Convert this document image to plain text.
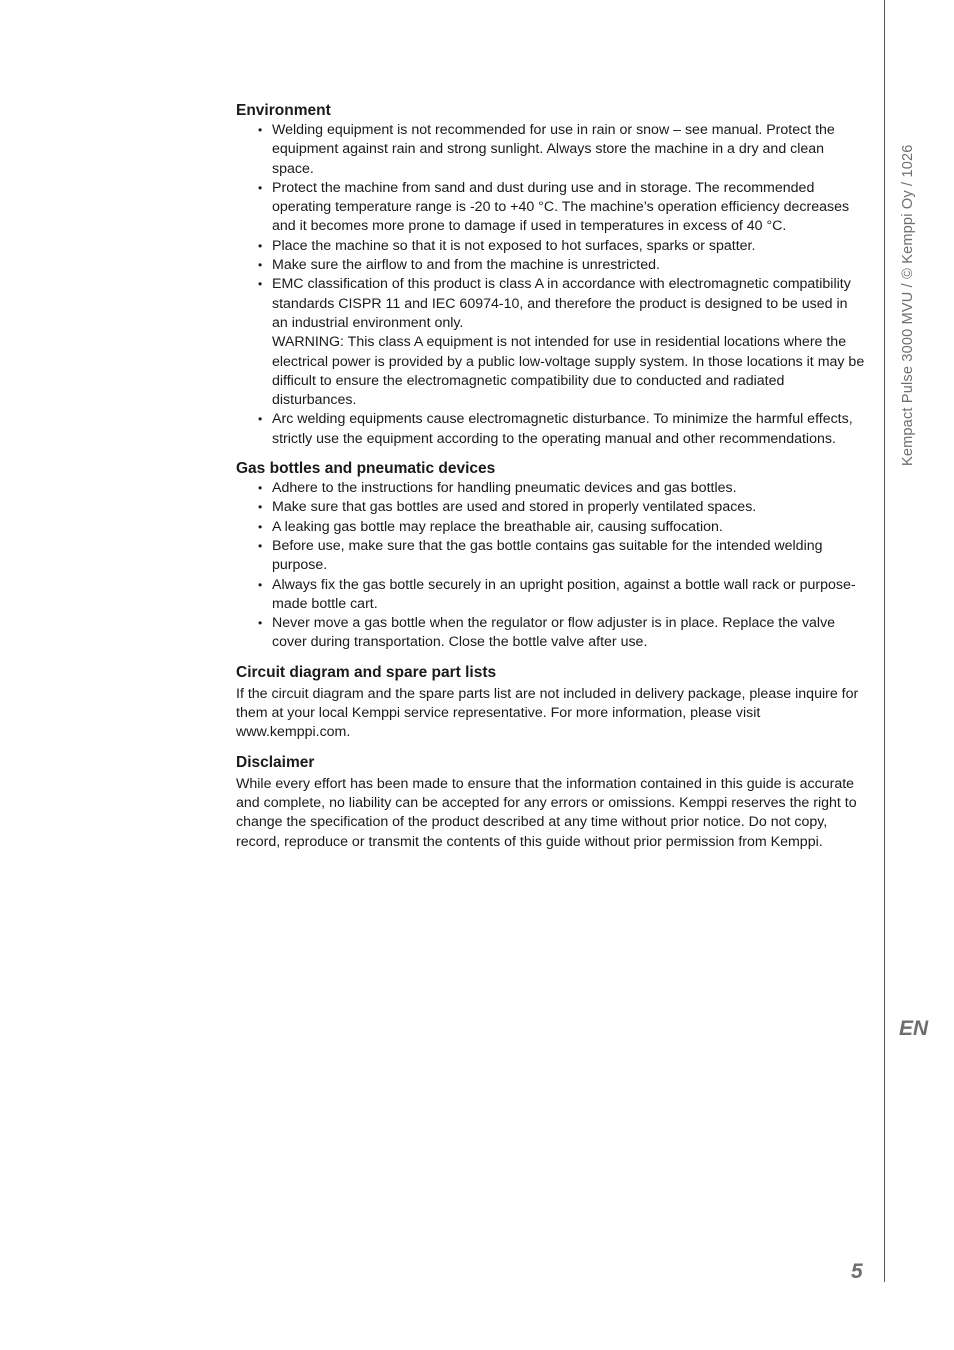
Environment
• Welding equipment is not recommended for use in rain or snow – see manual. Protect the equipment against rain and strong sunlight. Always store the machine in a dry and clean space.
• Protect the machine from sand and dust during use and in storage. The recommended operating temperature range is -20 to +40 °C. The machine’s operation efficiency decreases and it becomes more prone to damage if used in temperatures in excess of 40 °C.
• Place the machine so that it is not exposed to hot surfaces, sparks or spatter.
• Make sure the airflow to and from the machine is unrestricted.
• EMC classification of this product is class A in accordance with electromagnetic compatibility standards CISPR 11 and IEC 60974-10, and therefore the product is designed to be used in an industrial environment only.
WARNING: This class A equipment is not intended for use in residential locations where the electrical power is provided by a public low-voltage supply system. In those locations it may be difficult to ensure the electromagnetic compatibility due to conducted and radiated disturbances.
• Arc welding equipments cause electromagnetic disturbance. To minimize the harmful effects, strictly use the equipment according to the operating manual and other recommendations.
Gas bottles and pneumatic devices
• Adhere to the instructions for handling pneumatic devices and gas bottles.
• Make sure that gas bottles are used and stored in properly ventilated spaces.
• A leaking gas bottle may replace the breathable air, causing suffocation.
• Before use, make sure that the gas bottle contains gas suitable for the intended welding purpose.
• Always fix the gas bottle securely in an upright position, against a bottle wall rack or purpose-made bottle cart.
• Never move a gas bottle when the regulator or flow adjuster is in place. Replace the valve cover during transportation. Close the bottle valve after use.
Circuit diagram and spare part lists

If the circuit diagram and the spare parts list are not included in delivery package, please inquire for them at your local Kemppi service representative. For more information, please visit www.kemppi.com.

Disclaimer

While every effort has been made to ensure that the information contained in this guide is accurate and complete, no liability can be accepted for any errors or omissions. Kemppi reserves the right to change the specification of the product described at any time without prior notice. Do not copy, record, reproduce or transmit the contents of this guide without prior permission from Kemppi.

Kempact Pulse 3000 MVU / © Kemppi Oy / 1026
EN
5
